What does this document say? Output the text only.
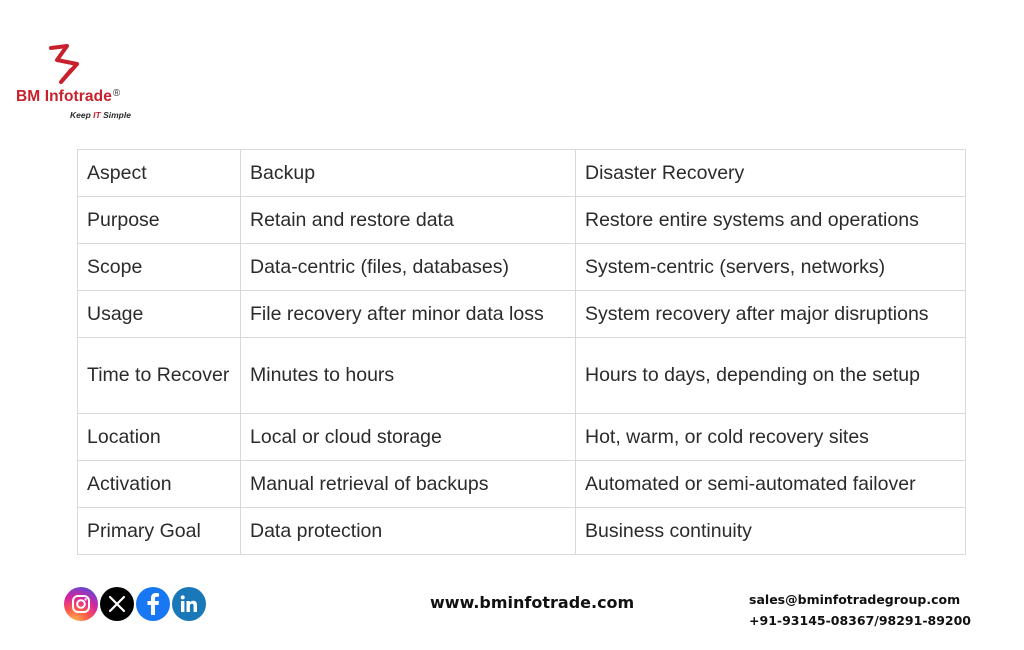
BM Infotrade®
Keep IT Simple
Aspect	Backup	Disaster Recovery
Purpose	Retain and restore data	Restore entire systems and operations
Scope	Data-centric (files, databases)	System-centric (servers, networks)
Usage	File recovery after minor data loss	System recovery after major disruptions
Time to Recover	Minutes to hours	Hours to days, depending on the setup
Location	Local or cloud storage	Hot, warm, or cold recovery sites
Activation	Manual retrieval of backups	Automated or semi-automated failover
Primary Goal	Data protection	Business continuity
www.bminfotrade.com	sales@bminfotradegroup.com
+91-93145-08367/98291-89200
